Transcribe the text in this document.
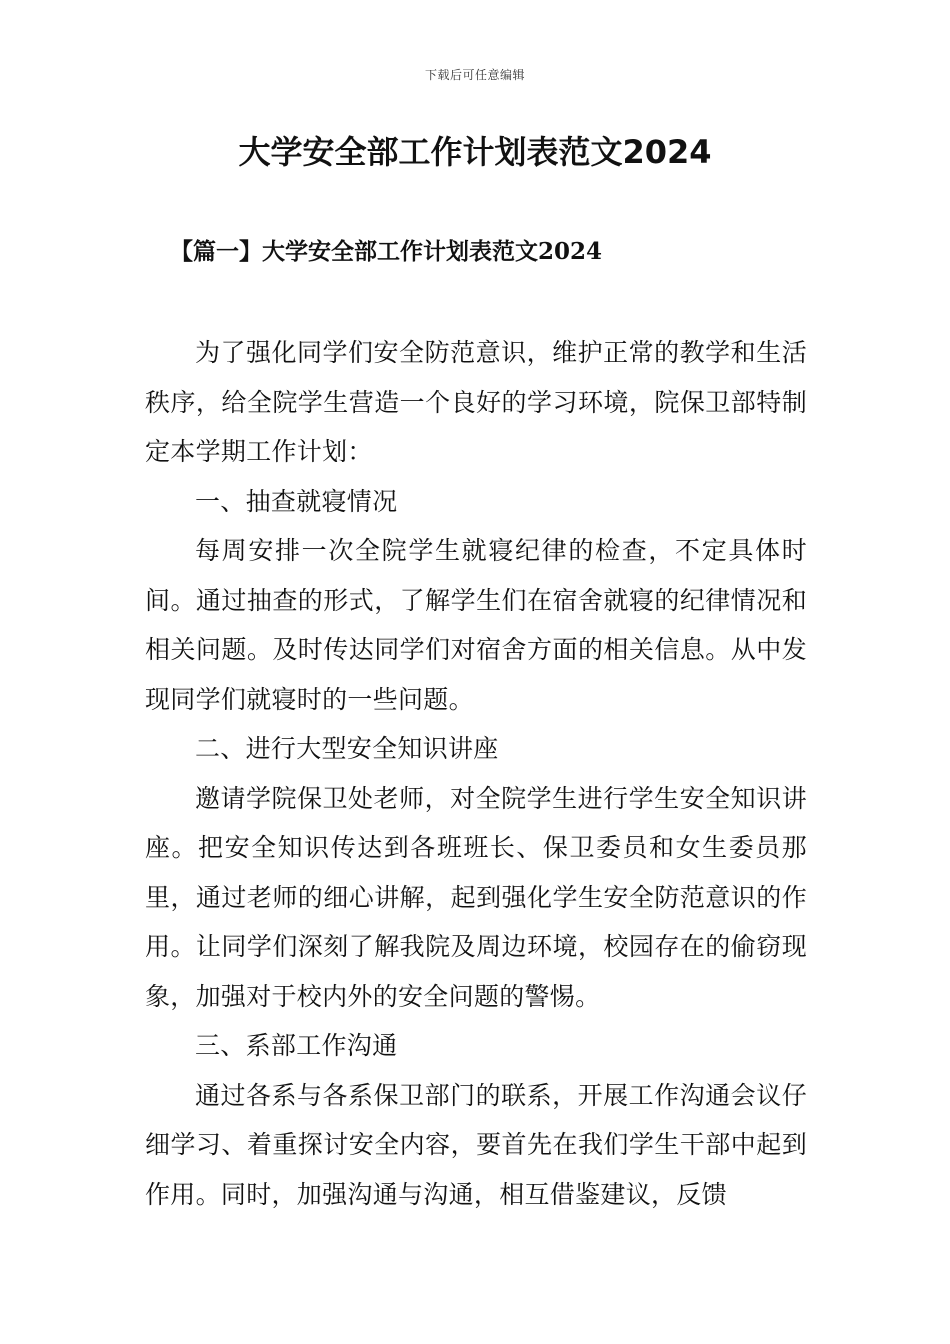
下载后可任意编辑
大学安全部工作计划表范文2024
【篇一】大学安全部工作计划表范文2024

为了强化同学们安全防范意识，维护正常的教学和生活秩序，给全院学生营造一个良好的学习环境，院保卫部特制定本学期工作计划：

一、抽查就寝情况

每周安排一次全院学生就寝纪律的检查，不定具体时间。通过抽查的形式，了解学生们在宿舍就寝的纪律情况和相关问题。及时传达同学们对宿舍方面的相关信息。从中发现同学们就寝时的一些问题。

二、进行大型安全知识讲座

邀请学院保卫处老师，对全院学生进行学生安全知识讲座。把安全知识传达到各班班长、保卫委员和女生委员那里，通过老师的细心讲解，起到强化学生安全防范意识的作用。让同学们深刻了解我院及周边环境，校园存在的偷窃现象，加强对于校内外的安全问题的警惕。

三、系部工作沟通

通过各系与各系保卫部门的联系，开展工作沟通会议仔细学习、着重探讨安全内容，要首先在我们学生干部中起到作用。同时，加强沟通与沟通，相互借鉴建议，反馈
